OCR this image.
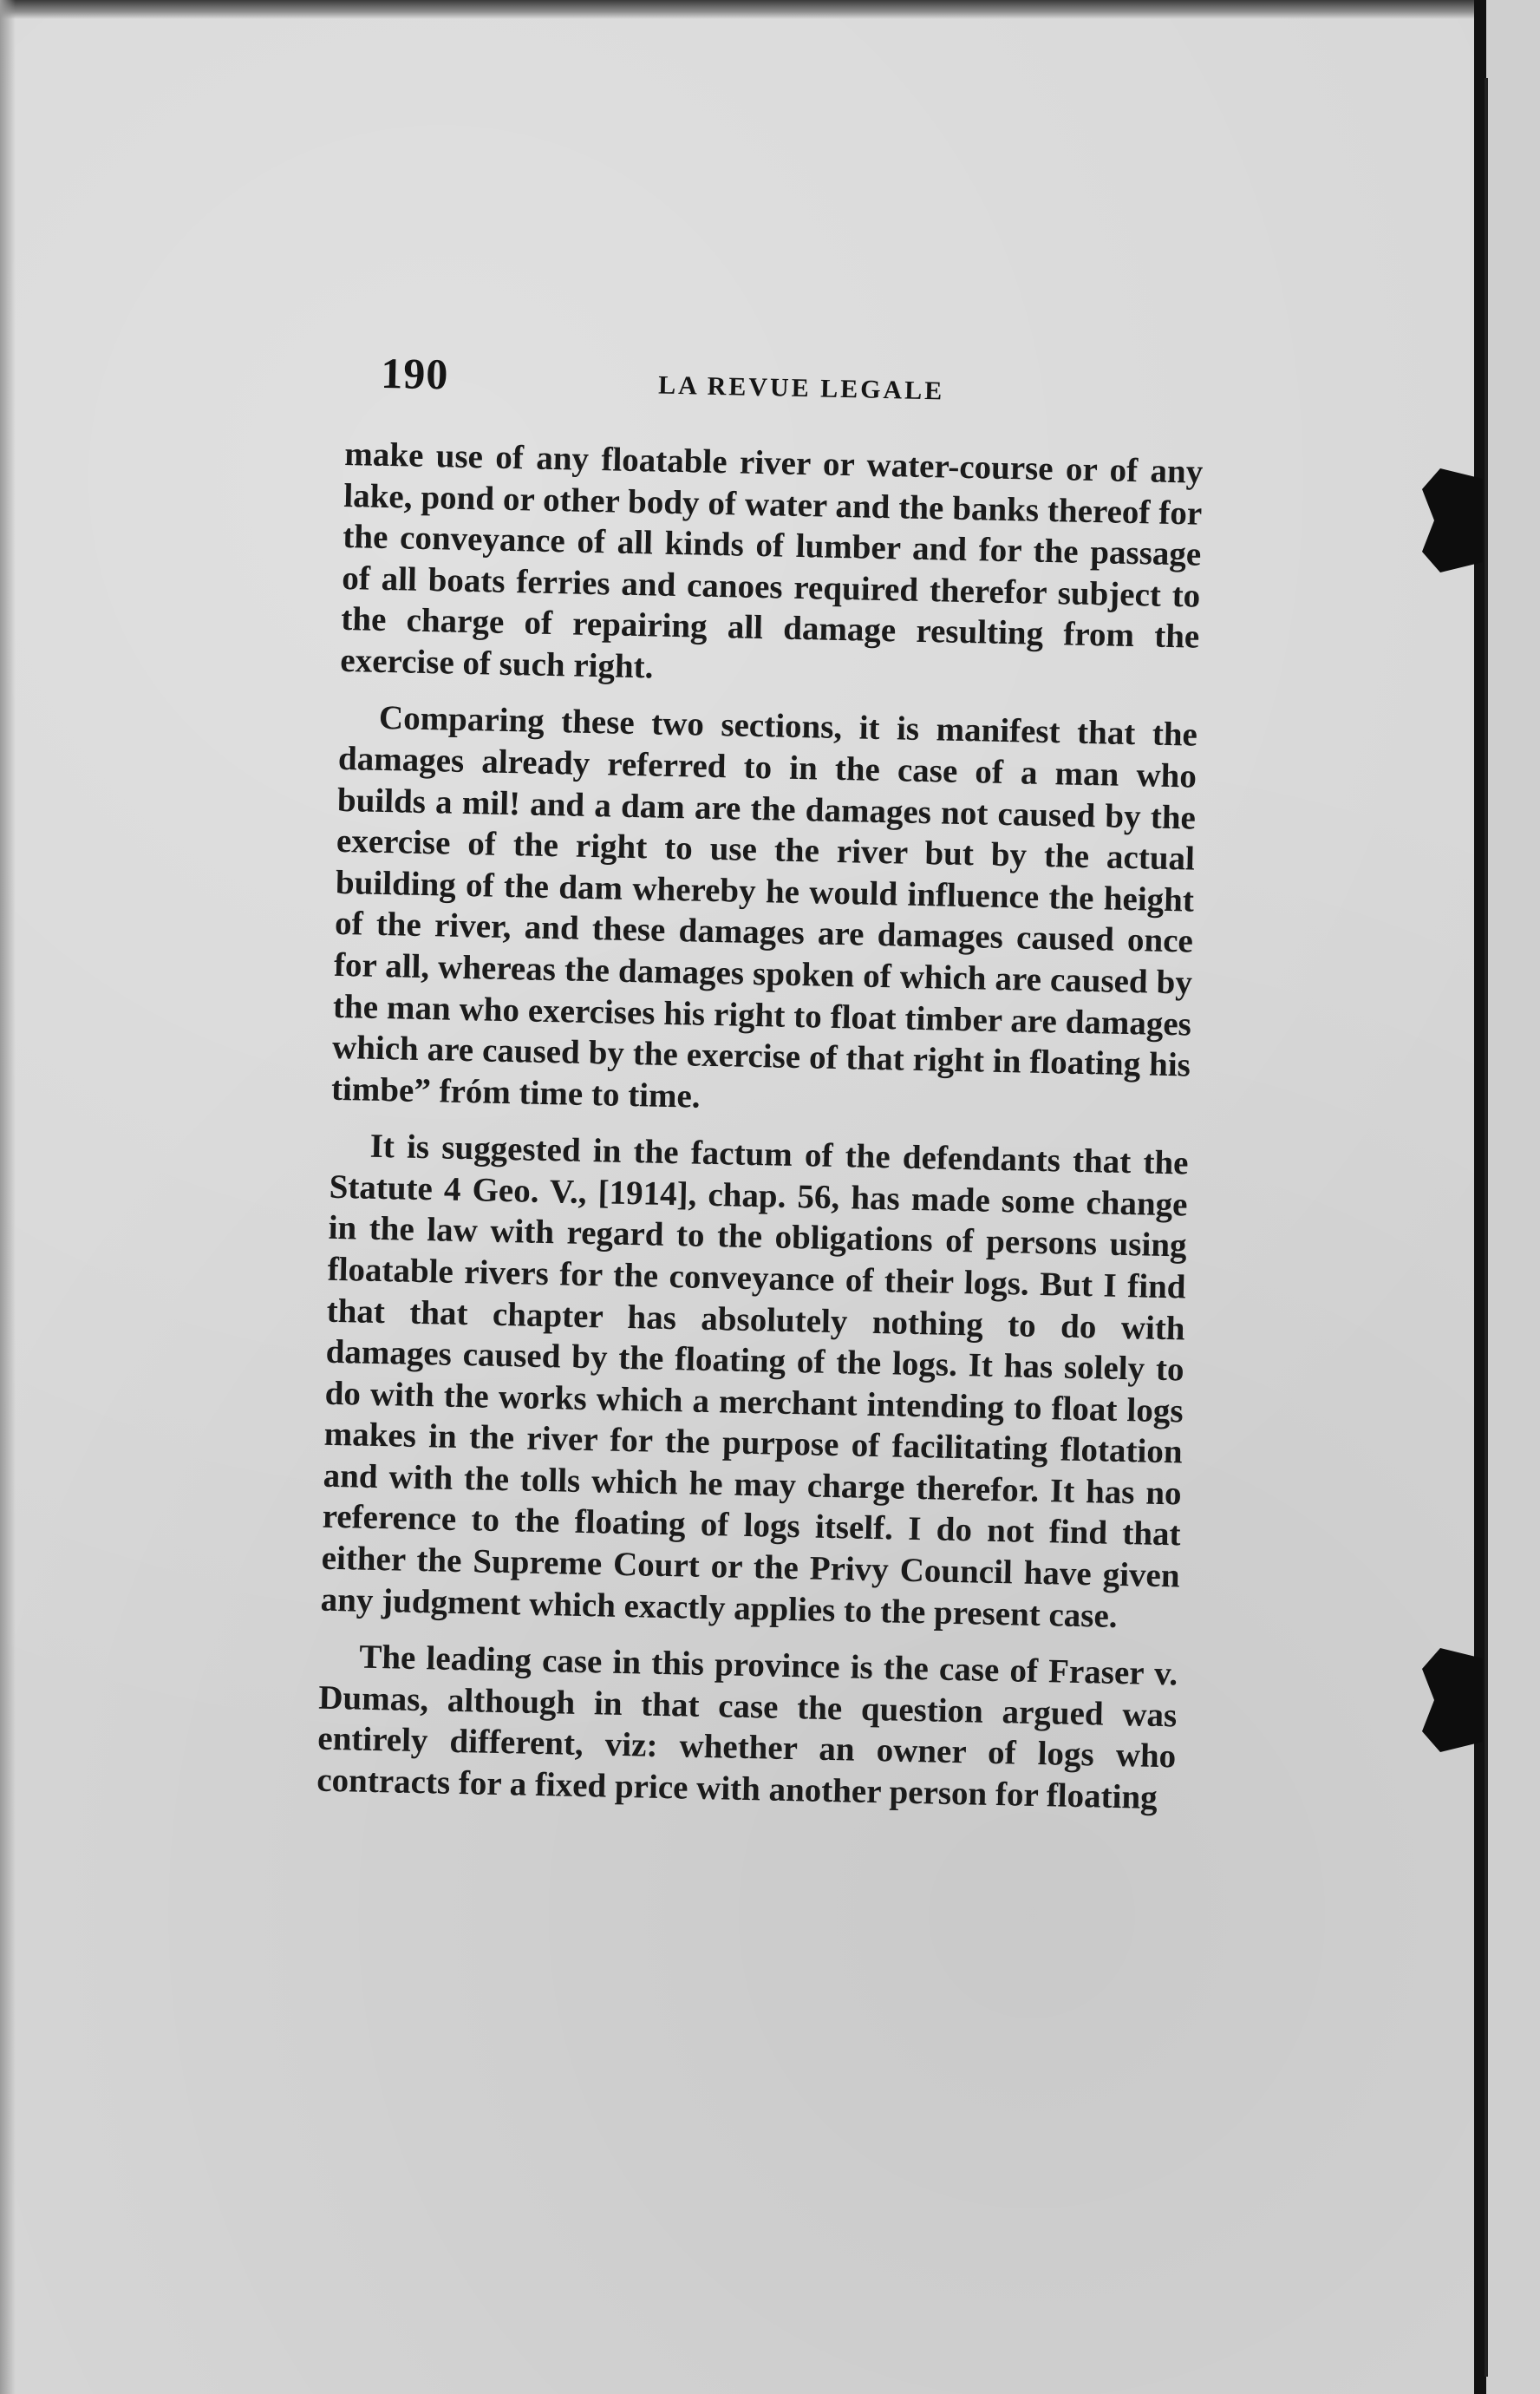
190	LA REVUE LEGALE

make use of any floatable river or water-course or of any lake, pond or other body of water and the banks thereof for the conveyance of all kinds of lumber and for the passage of all boats ferries and canoes required therefor subject to the charge of repairing all damage resulting from the exercise of such right.

Comparing these two sections, it is manifest that the damages already referred to in the case of a man who builds a mil! and a dam are the damages not caused by the exercise of the right to use the river but by the actual building of the dam whereby he would influence the height of the river, and these damages are damages caused once for all, whereas the damages spoken of which are caused by the man who exercises his right to float timber are damages which are caused by the exercise of that right in floating his timbe” fróm time to time.

It is suggested in the factum of the defendants that the Statute 4 Geo. V., [1914], chap. 56, has made some change in the law with regard to the obligations of persons using floatable rivers for the conveyance of their logs. But I find that that chapter has absolutely nothing to do with damages caused by the floating of the logs. It has solely to do with the works which a merchant intending to float logs makes in the river for the purpose of facilitating flotation and with the tolls which he may charge therefor. It has no reference to the floating of logs itself. I do not find that either the Supreme Court or the Privy Council have given any judgment which exactly applies to the present case.

The leading case in this province is the case of Fraser v. Dumas, although in that case the question argued was entirely different, viz: whether an owner of logs who contracts for a fixed price with another person for floating
